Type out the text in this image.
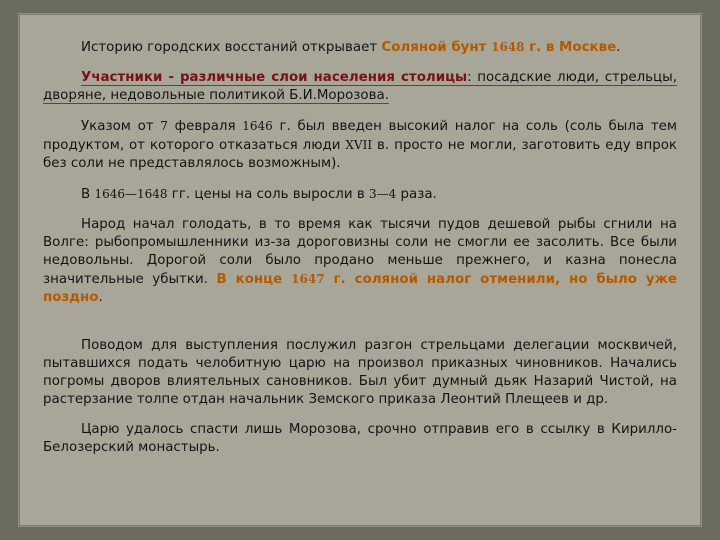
Историю городских восстаний открывает Соляной бунт 1648 г. в Москве.

Участники - различные слои населения столицы: посадские люди, стрельцы, дворяне, недовольные политикой Б.И.Морозова.

Указом от 7 февраля 1646 г. был введен высокий налог на соль (соль была тем продуктом, от которого отказаться люди XVII в. просто не могли, заготовить еду впрок без соли не представлялось возможным).

В 1646—1648 гг. цены на соль выросли в 3—4 раза.

Народ начал голодать, в то время как тысячи пудов дешевой рыбы сгнили на Волге: рыбопромышленники из-за дороговизны соли не смогли ее засолить. Все были недовольны. Дорогой соли было продано меньше прежнего, и казна понесла значительные убытки. В конце 1647 г. соляной налог отменили, но было уже поздно.

Поводом для выступления послужил разгон стрельцами делегации москвичей, пытавшихся подать челобитную царю на произвол приказных чиновников. Начались погромы дворов влиятельных сановников. Был убит думный дьяк Назарий Чистой, на растерзание толпе отдан начальник Земского приказа Леонтий Плещеев и др.

Царю удалось спасти лишь Морозова, срочно отправив его в ссылку в Кирилло-Белозерский монастырь.
